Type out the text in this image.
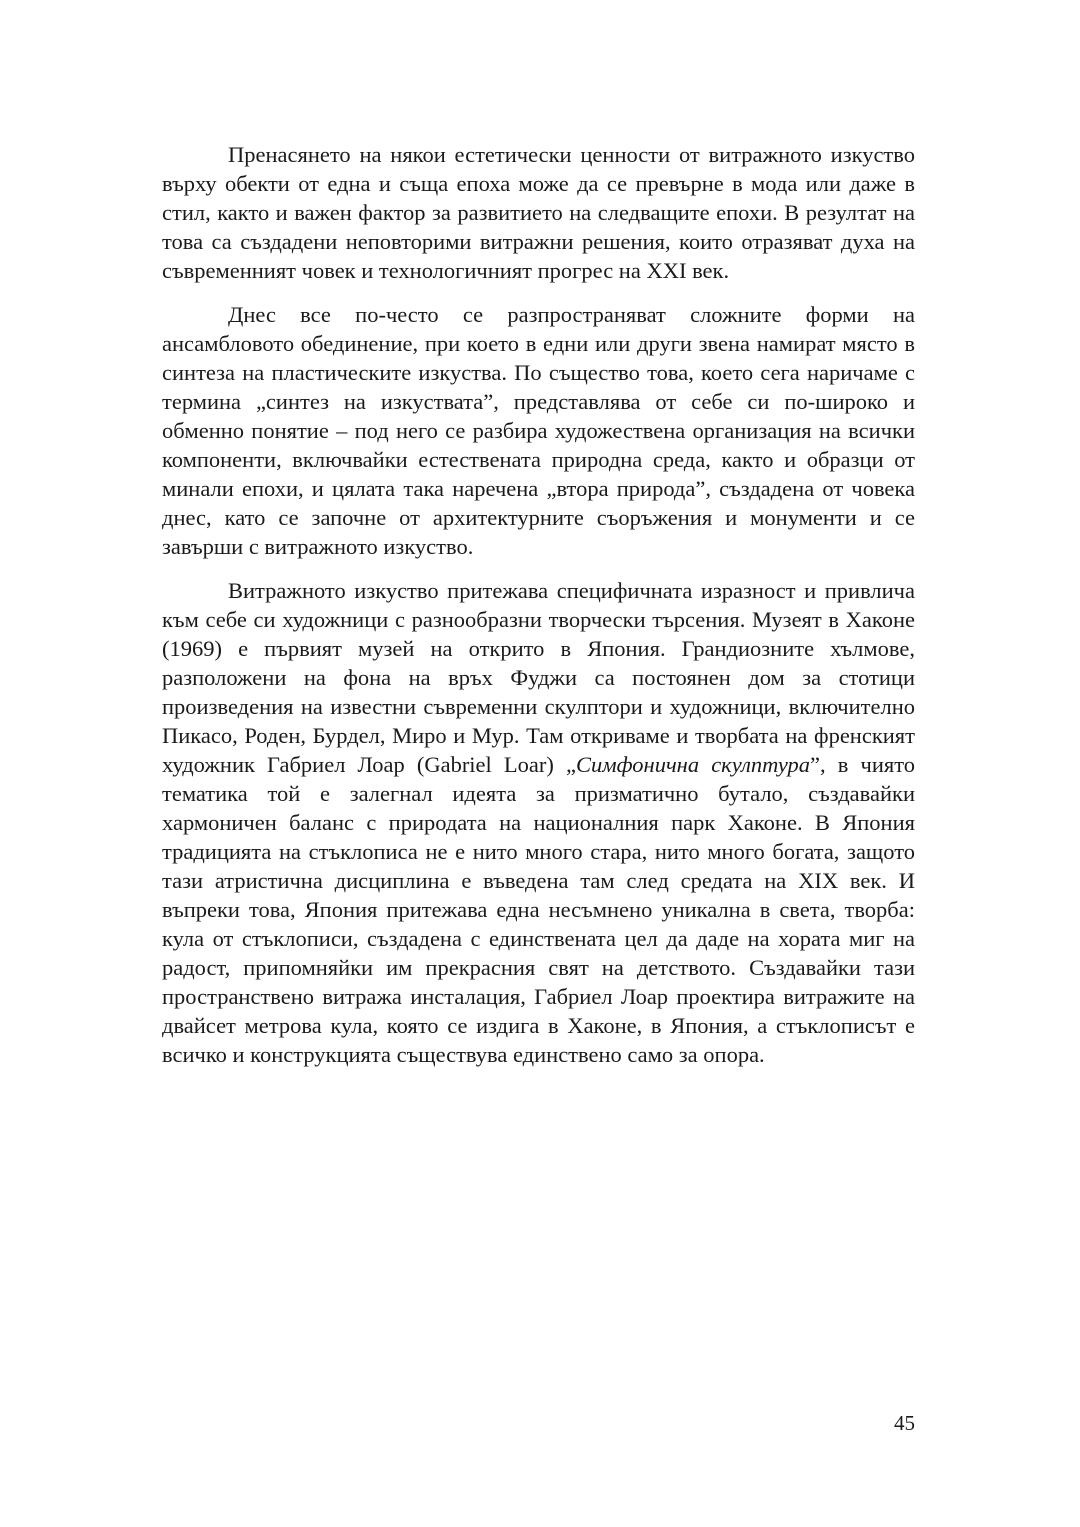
Пренасянето на някои естетически ценности от витражното изкуство върху обекти от една и съща епоха може да се превърне в мода или даже в стил, както и важен фактор за развитието на следващите епохи. В резултат на това са създадени неповторими витражни решения, които отразяват духа на съвременният човек и технологичният прогрес на XXI век.

Днес все по-често се разпространяват сложните форми на ансамбловото обединение, при което в едни или други звена намират място в синтеза на пластическите изкуства. По същество това, което сега наричаме с термина „синтез на изкуствата”, представлява от себе си по-широко и обменно понятие – под него се разбира художествена организация на всички компоненти, включвайки естествената природна среда, както и образци от минали епохи, и цялата така наречена „втора природа”, създадена от човека днес, като се започне от архитектурните съоръжения и монументи и се завърши с витражното изкуство.

Витражното изкуство притежава специфичната изразност и привлича към себе си художници с разнообразни творчески търсения. Музеят в Хаконе (1969) е първият музей на открито в Япония. Грандиозните хълмове, разположени на фона на връх Фуджи са постоянен дом за стотици произведения на известни съвременни скулптори и художници, включително Пикасо, Роден, Бурдел, Миро и Мур. Там откриваме и творбата на френският художник Габриел Лоар (Gabriel Loar) „Симфонична скулптура”, в чиято тематика той е залегнал идеята за призматично бутало, създавайки хармоничен баланс с природата на националния парк Хаконе. В Япония традицията на стъклописа не е нито много стара, нито много богата, защото тази атристична дисциплина е въведена там след средата на XIX век. И въпреки това, Япония притежава една несъмнено уникална в света, творба: кула от стъклописи, създадена с единствената цел да даде на хората миг на радост, припомняйки им прекрасния свят на детството. Създавайки тази пространствено витража инсталация, Габриел Лоар проектира витражите на двайсет метрова кула, която се издига в Хаконе, в Япония, а стъклописът е всичко и конструкцията съществува единствено само за опора.

45
